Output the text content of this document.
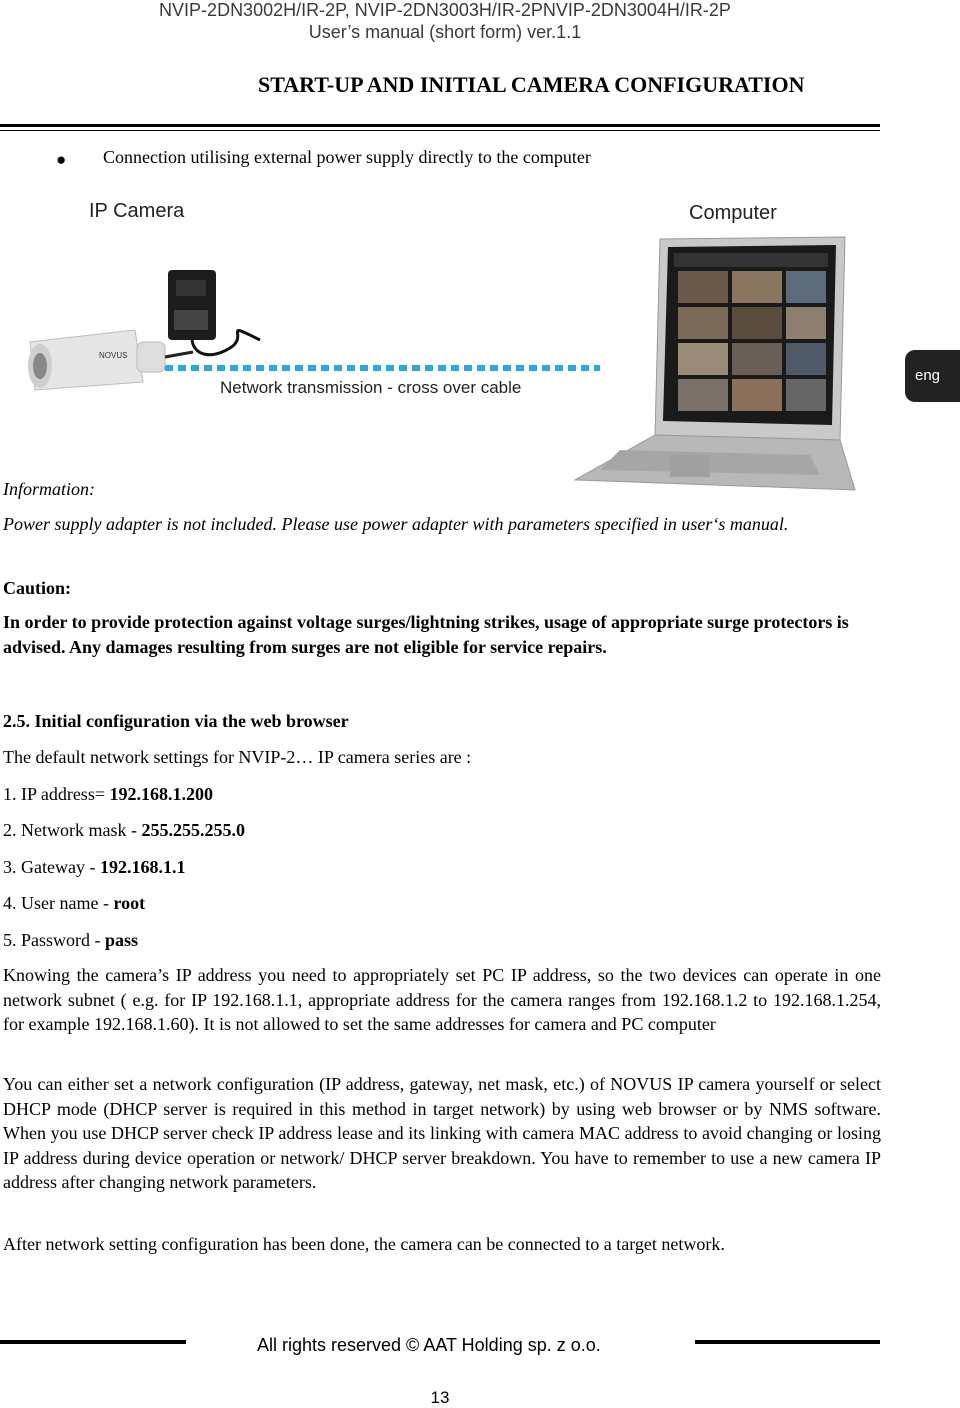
NVIP-2DN3002H/IR-2P, NVIP-2DN3003H/IR-2PNVIP-2DN3004H/IR-2P
User’s manual (short form) ver.1.1
START-UP AND INITIAL CAMERA CONFIGURATION
● Connection utilising external power supply directly to the computer
IP Camera	Computer
NOVUS
Network transmission - cross over cable
eng
Information:
Power supply adapter is not included. Please use power adapter with parameters specified in user‘s manual.
Caution:
In order to provide protection against voltage surges/lightning strikes, usage of appropriate surge protectors is advised. Any damages resulting from surges are not eligible for service repairs.
2.5. Initial configuration via the web browser
The default network settings for NVIP-2… IP camera series are :
1. IP address= 192.168.1.200
2. Network mask - 255.255.255.0
3. Gateway - 192.168.1.1
4. User name - root
5. Password - pass
Knowing the camera’s IP address you need to appropriately set PC IP address, so the two devices can operate in one network subnet ( e.g. for IP 192.168.1.1, appropriate address for the camera ranges from 192.168.1.2 to 192.168.1.254, for example 192.168.1.60). It is not allowed to set the same addresses for camera and PC computer
You can either set a network configuration (IP address, gateway, net mask, etc.) of NOVUS IP camera yourself or select DHCP mode (DHCP server is required in this method in target network) by using web browser or by NMS software. When you use DHCP server check IP address lease and its linking with camera MAC address to avoid changing or losing IP address during device operation or network/ DHCP server breakdown. You have to remember to use a new camera IP address after changing network parameters.
After network setting configuration has been done, the camera can be connected to a target network.
All rights reserved © AAT Holding sp. z o.o.
13
